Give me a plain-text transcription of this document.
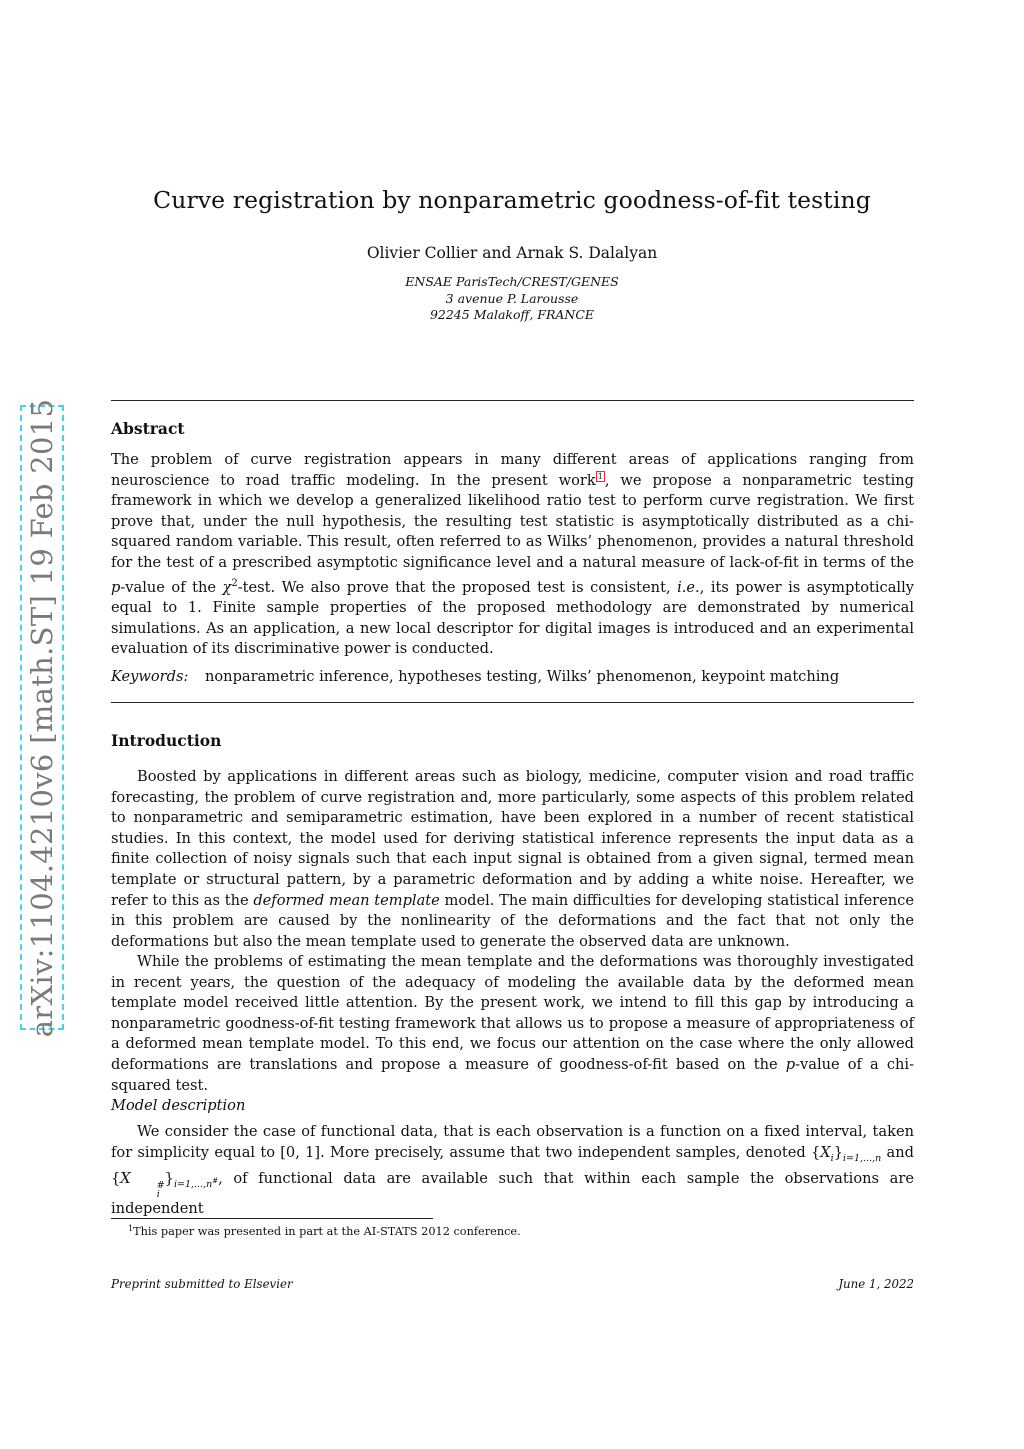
arXiv:1104.4210v6 [math.ST] 19 Feb 2015
Curve registration by nonparametric goodness-of-fit testing
Olivier Collier and Arnak S. Dalalyan
ENSAE ParisTech/CREST/GENES
3 avenue P. Larousse
92245 Malakoff, FRANCE
Abstract
The problem of curve registration appears in many different areas of applications ranging from neuroscience to road traffic modeling. In the present work 1 , we propose a nonparametric testing framework in which we develop a generalized likelihood ratio test to perform curve registration. We first prove that, under the null hypothesis, the resulting test statistic is asymptotically distributed as a chi-squared random variable. This result, often referred to as Wilks’ phenomenon, provides a natural threshold for the test of a prescribed asymptotic significance level and a natural measure of lack-of-fit in terms of the p-value of the $\chi^2$-test. We also prove that the proposed test is consistent, i.e., its power is asymptotically equal to 1. Finite sample properties of the proposed methodology are demonstrated by numerical simulations. As an application, a new local descriptor for digital images is introduced and an experimental evaluation of its discriminative power is conducted.
Keywords: nonparametric inference, hypotheses testing, Wilks’ phenomenon, keypoint matching
Introduction
Boosted by applications in different areas such as biology, medicine, computer vision and road traffic forecasting, the problem of curve registration and, more particularly, some aspects of this problem related to nonparametric and semiparametric estimation, have been explored in a number of recent statistical studies. In this context, the model used for deriving statistical inference represents the input data as a finite collection of noisy signals such that each input signal is obtained from a given signal, termed mean template or structural pattern, by a parametric deformation and by adding a white noise. Hereafter, we refer to this as the deformed mean template model. The main difficulties for developing statistical inference in this problem are caused by the nonlinearity of the deformations and the fact that not only the deformations but also the mean template used to generate the observed data are unknown.
While the problems of estimating the mean template and the deformations was thoroughly investigated in recent years, the question of the adequacy of modeling the available data by the deformed mean template model received little attention. By the present work, we intend to fill this gap by introducing a nonparametric goodness-of-fit testing framework that allows us to propose a measure of appropriateness of a deformed mean template model. To this end, we focus our attention on the case where the only allowed deformations are translations and propose a measure of goodness-of-fit based on the p-value of a chi-squared test.
Model description
We consider the case of functional data, that is each observation is a function on a fixed interval, taken for simplicity equal to [0, 1]. More precisely, assume that two independent samples, denoted $\{X_i\}_{i=1,...,n}$ and {X	#
i
}$_{i=1,...,n^{\#}}$, of functional data are available such that within each sample the observations are independent
$^1$This paper was presented in part at the AI-STATS 2012 conference.
Preprint submitted to Elsevier	June 1, 2022
